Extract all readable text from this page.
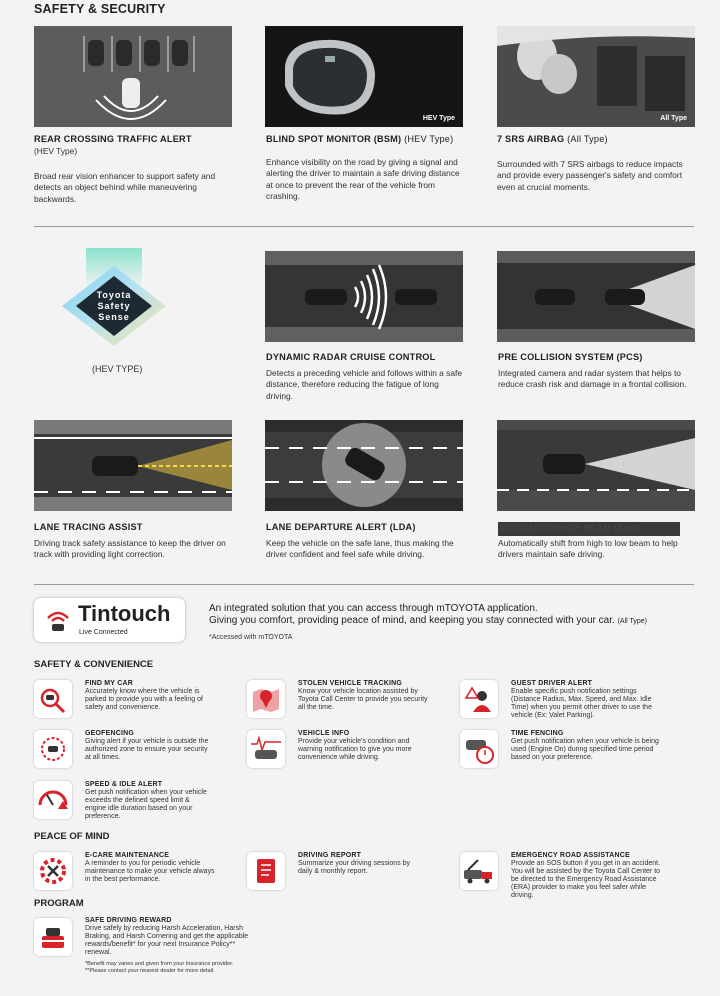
SAFETY & SECURITY
HEV Type	All Type
REAR CROSSING TRAFFIC ALERT
(HEV Type)
Broad rear vision enhancer to support safety and detects an object behind while maneuvering backwards.
BLIND SPOT MONITOR (BSM) (HEV Type)
Enhance visibility on the road by giving a signal and alerting the driver to maintain a safe driving distance at once to prevent the rear of the vehicle from crashing.
7 SRS AIRBAG (All Type)
Surrounded with 7 SRS airbags to reduce impacts and provide every passenger's safety and comfort even at crucial moments.
Toyota
Safety
Sense
(HEV TYPE)
DYNAMIC RADAR CRUISE CONTROL
Detects a preceding vehicle and follows within a safe distance, therefore reducing the fatigue of long driving.
PRE COLLISION SYSTEM (PCS)
Integrated camera and radar system that helps to reduce crash risk and damage in a frontal collision.
LANE TRACING ASSIST
Driving track safety assistance to keep the driver on track with providing light correction.
LANE DEPARTURE ALERT (LDA)
Keep the vehicle on the safe lane, thus making the driver confident and feel safe while driving.
AUTOMATIC HIGH BEAM (AHB)
Automatically shift from high to low beam to help drivers maintain safe driving.
Tintouch
Live Connected
An integrated solution that you can access through mTOYOTA application.
Giving you comfort, providing peace of mind, and keeping you stay connected with your car. (All Type)
*Accessed with mTOYOTA
SAFETY & CONVENIENCE
FIND MY CAR
Accurately know where the vehicle is parked to provide you with a feeling of safety and convenience.
STOLEN VEHICLE TRACKING
Know your vehicle location assisted by Toyota Call Center to provide you security all the time.
GUEST DRIVER ALERT
Enable specific push notification settings (Distance Radius, Max. Speed, and Max. Idle Time) when you permit other driver to use the vehicle (Ex: Valet Parking).
GEOFENCING
Giving alert if your vehicle is outside the authorized zone to ensure your security at all times.
VEHICLE INFO
Provide your vehicle's condition and warning notification to give you more convenience while driving.
TIME FENCING
Get push notification when your vehicle is being used (Engine On) during specified time period based on your preference.
SPEED & IDLE ALERT
Get push notification when your vehicle exceeds the defined speed limit & engine idle duration based on your preference.
PEACE OF MIND
E-CARE MAINTENANCE
A reminder to you for periodic vehicle maintenance to make your vehicle always in the best performance.
DRIVING REPORT
Summarize your driving sessions by daily & monthly report.
EMERGENCY ROAD ASSISTANCE
Provide an SOS button if you get in an accident. You will be assisted by the Toyota Call Center to be directed to the Emergency Road Assistance (ERA) provider to make you feel safer while driving.
PROGRAM
SAFE DRIVING REWARD
Drive safely by reducing Harsh Acceleration, Harsh Braking, and Harsh Cornering and get the applicable rewards/benefit* for your next Insurance Policy** renewal.
*Benefit may varies and given from your Insurance provider.
**Please contact your nearest dealer for more detail.
